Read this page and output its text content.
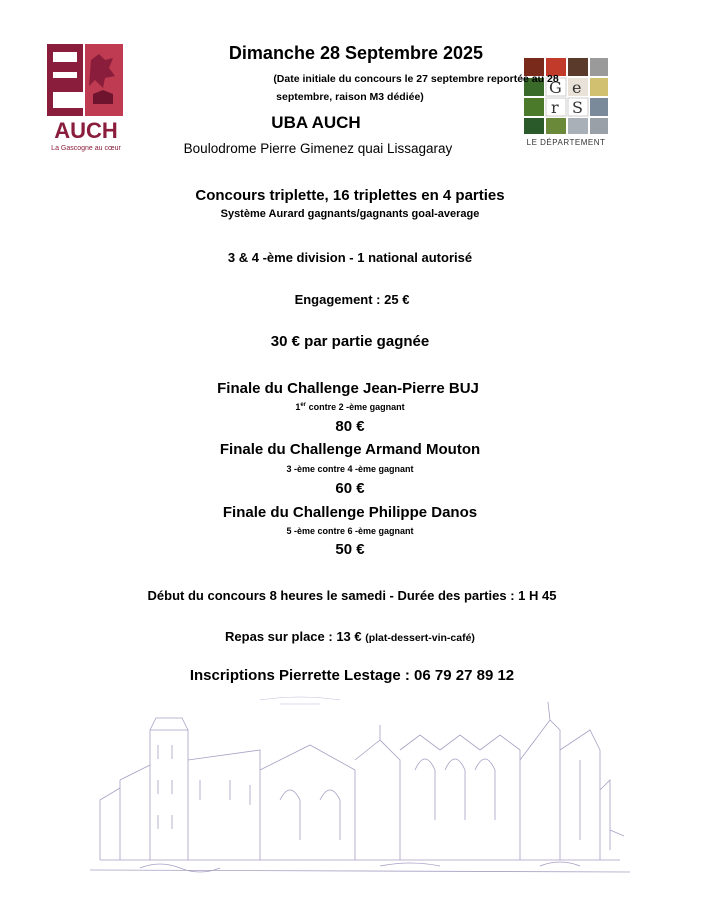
AUCH
La Gascogne au cœur
G e
r S
LE DÉPARTEMENT
Dimanche 28 Septembre 2025
(Date initiale du concours le 27 septembre reportée au 28
septembre, raison M3 dédiée)
UBA AUCH
Boulodrome Pierre Gimenez quai Lissagaray
Concours triplette, 16 triplettes en 4 parties
Système Aurard gagnants/gagnants goal-average
3 & 4 -ème division - 1 national autorisé
Engagement : 25 €
30 € par partie gagnée
Finale du Challenge Jean-Pierre BUJ
1er contre 2 -ème gagnant
80 €
Finale du Challenge Armand Mouton
3 -ème contre 4 -ème gagnant
60 €
Finale du Challenge Philippe Danos
5 -ème contre 6 -ème gagnant
50 €
Début du concours 8 heures le samedi - Durée des parties : 1 H 45
Repas sur place : 13 € (plat-dessert-vin-café)
Inscriptions Pierrette Lestage : 06 79 27 89 12
